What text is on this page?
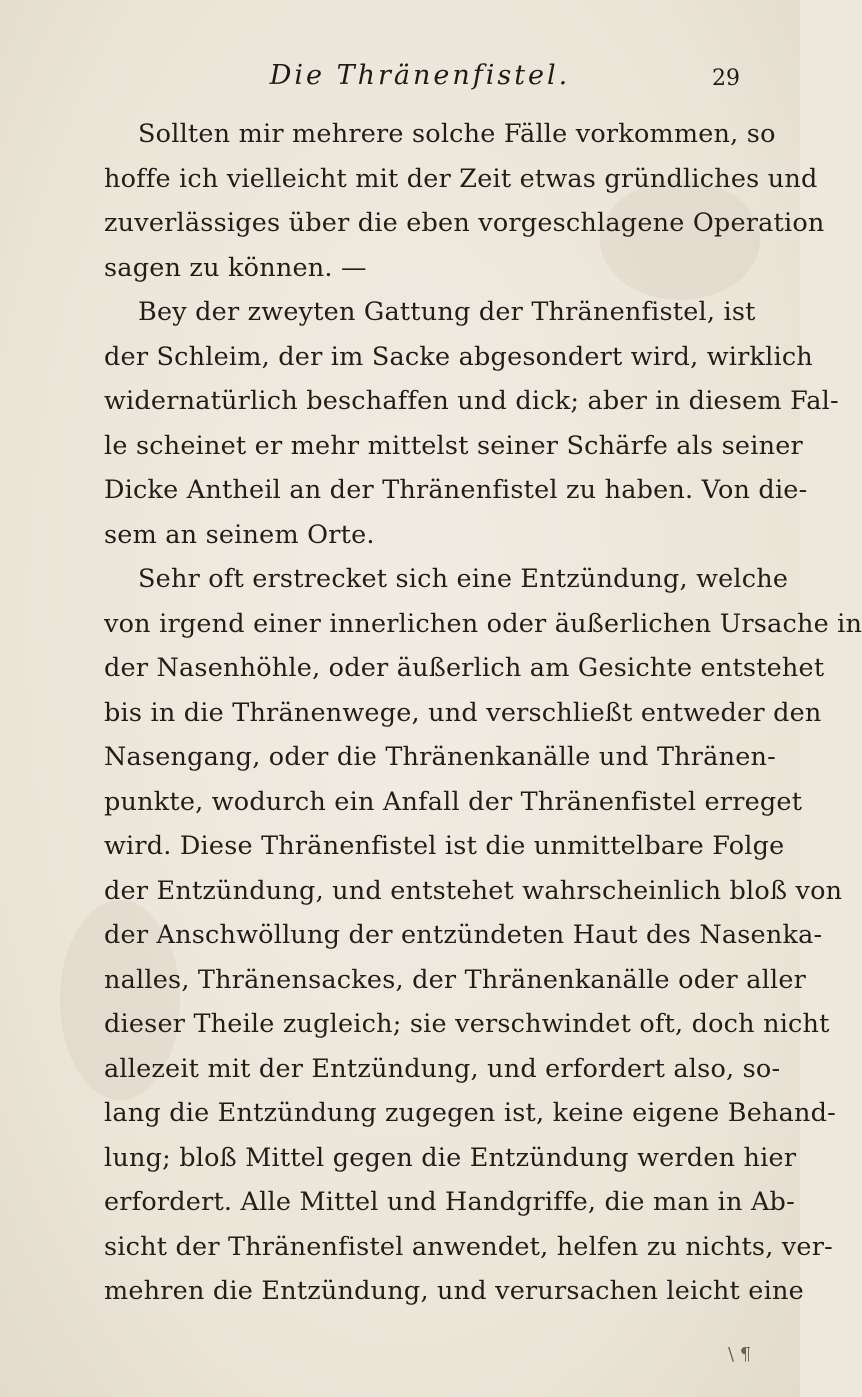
Die Thränenfistel.	29
Sollten mir mehrere solche Fälle vorkommen, so
hoffe ich vielleicht mit der Zeit etwas gründliches und
zuverlässiges über die eben vorgeschlagene Operation
sagen zu können. —
Bey der zweyten Gattung der Thränenfistel, ist
der Schleim, der im Sacke abgesondert wird, wirklich
widernatürlich beschaffen und dick; aber in diesem Fal-
le scheinet er mehr mittelst seiner Schärfe als seiner
Dicke Antheil an der Thränenfistel zu haben. Von die-
sem an seinem Orte.
Sehr oft erstrecket sich eine Entzündung, welche
von irgend einer innerlichen oder äußerlichen Ursache in
der Nasenhöhle, oder äußerlich am Gesichte entstehet
bis in die Thränenwege, und verschließt entweder den
Nasengang, oder die Thränenkanälle und Thränen-
punkte, wodurch ein Anfall der Thränenfistel erreget
wird. Diese Thränenfistel ist die unmittelbare Folge
der Entzündung, und entstehet wahrscheinlich bloß von
der Anschwöllung der entzündeten Haut des Nasenka-
nalles, Thränensackes, der Thränenkanälle oder aller
dieser Theile zugleich; sie verschwindet oft, doch nicht
allezeit mit der Entzündung, und erfordert also, so-
lang die Entzündung zugegen ist, keine eigene Behand-
lung; bloß Mittel gegen die Entzündung werden hier
erfordert. Alle Mittel und Handgriffe, die man in Ab-
sicht der Thränenfistel anwendet, helfen zu nichts, ver-
mehren die Entzündung, und verursachen leicht eine
\ ¶
